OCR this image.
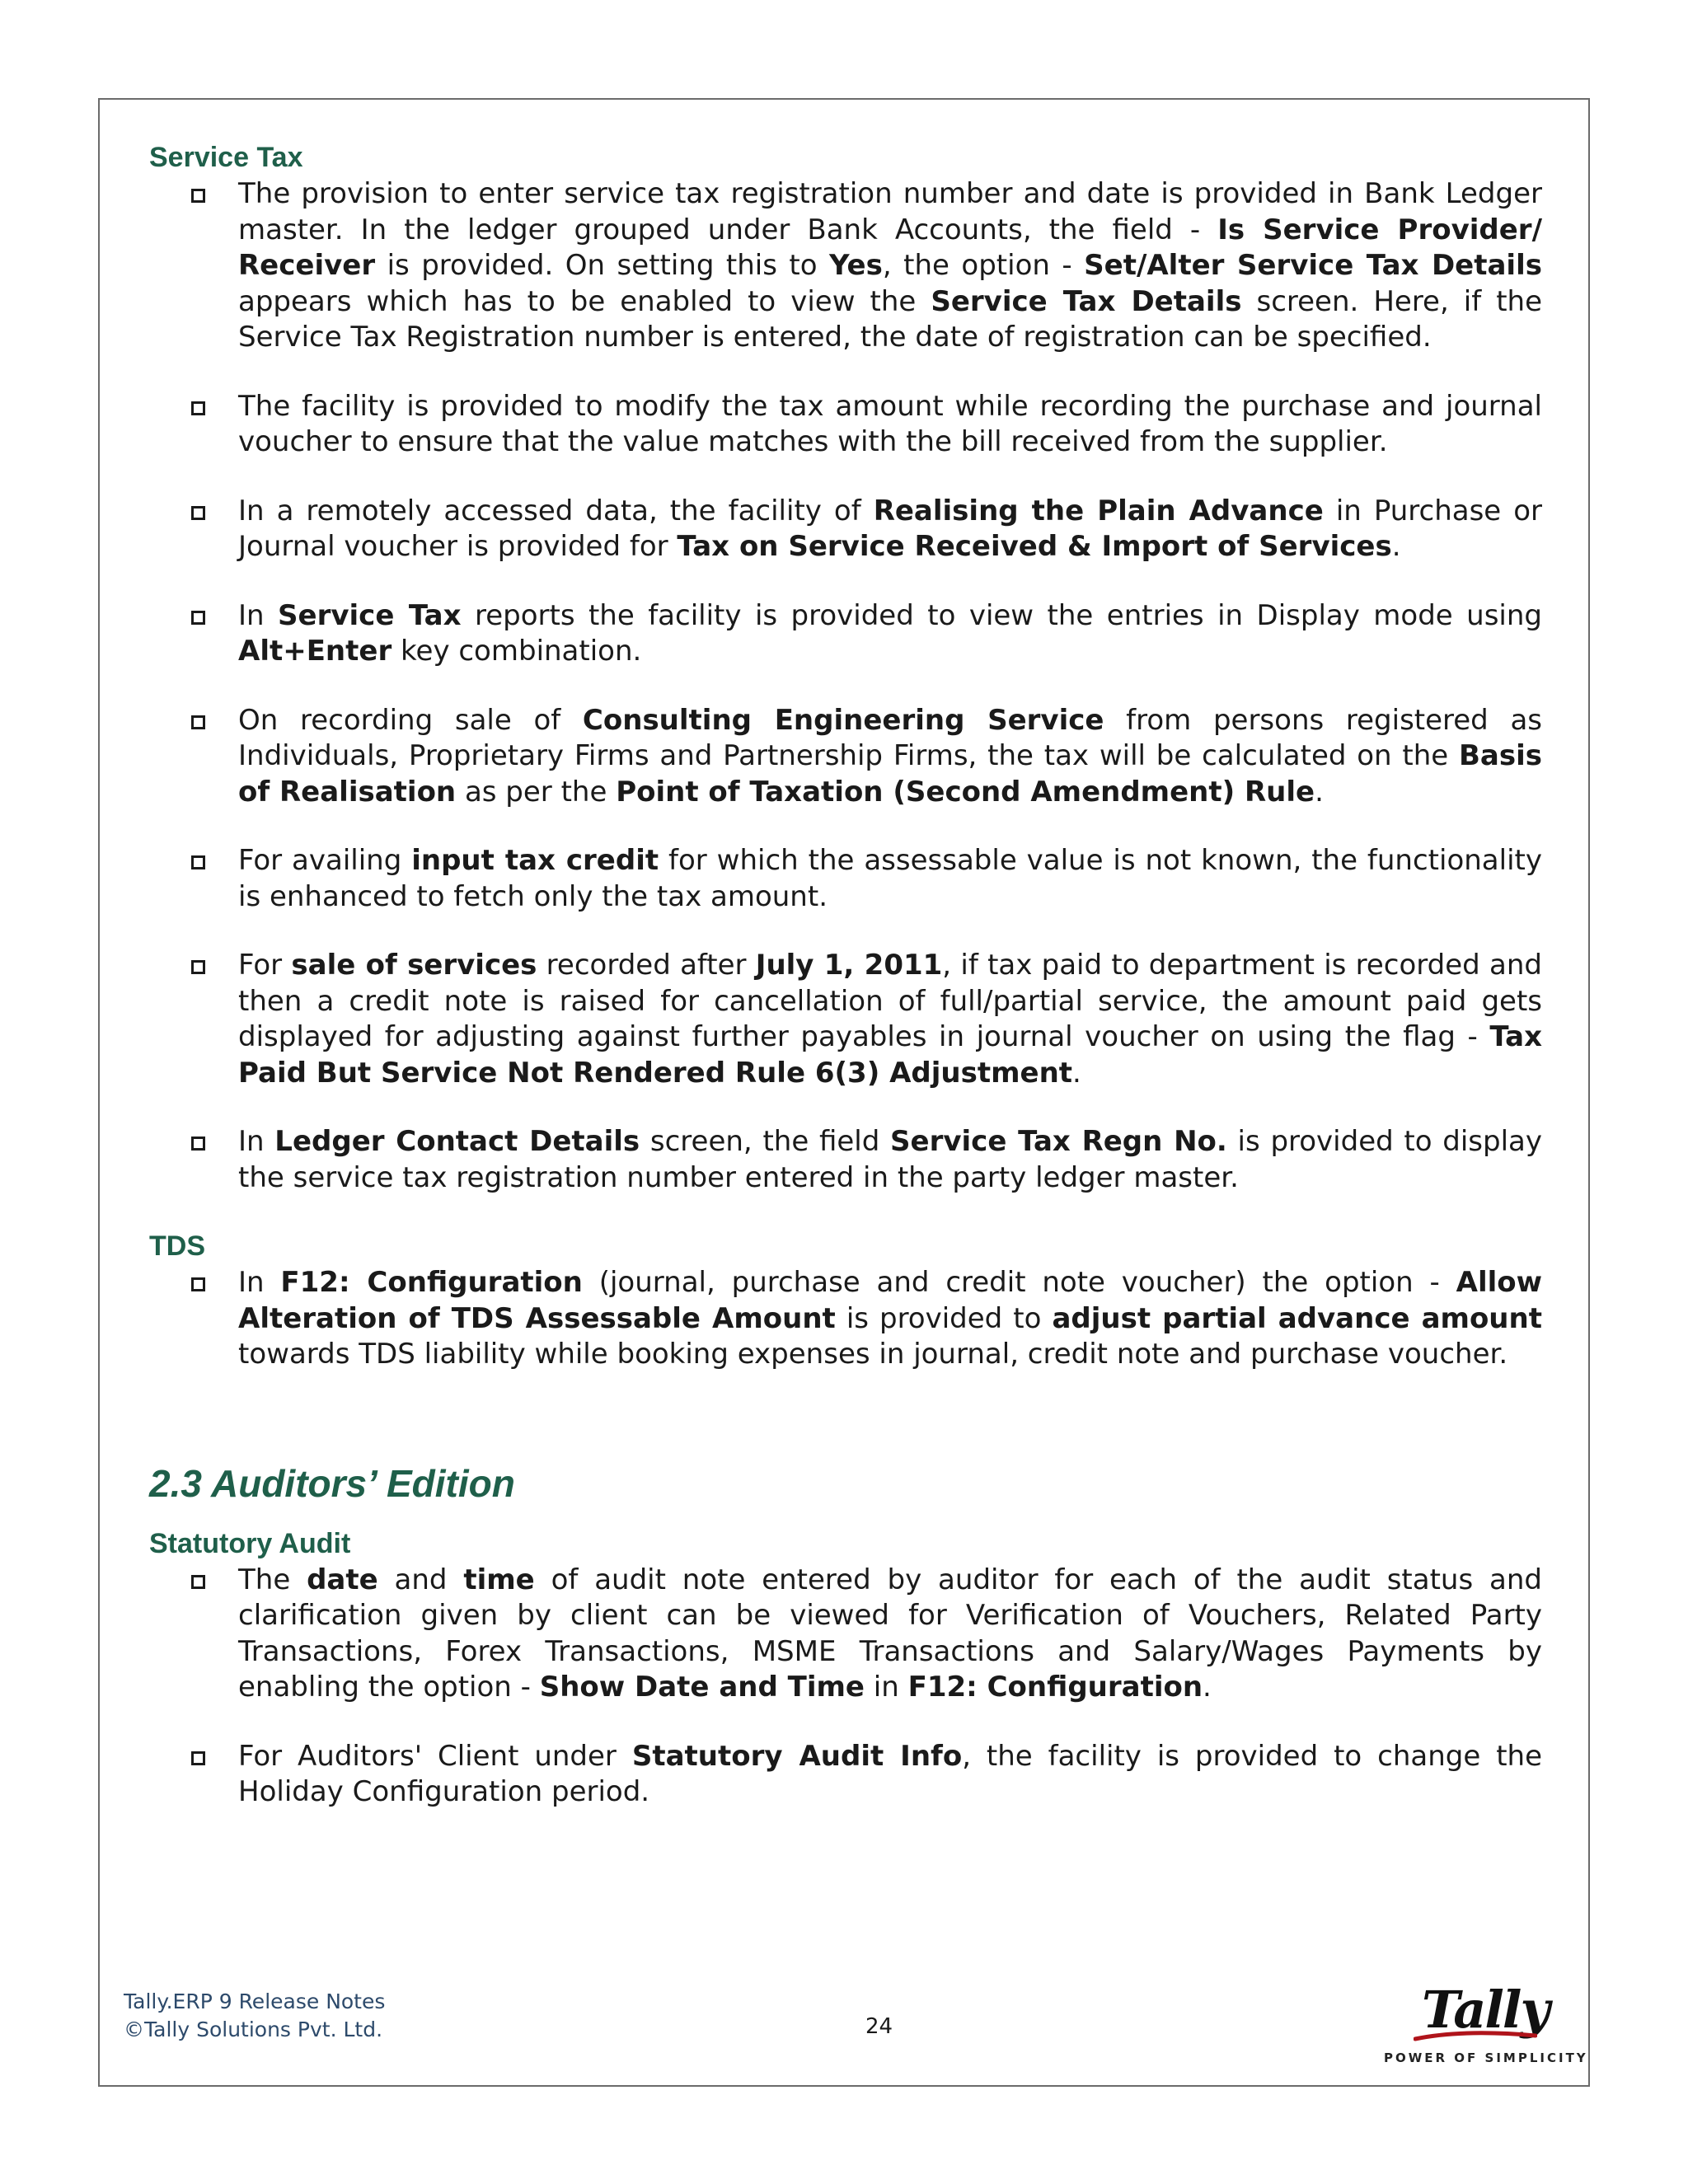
Service Tax
The provision to enter service tax registration number and date is provided in Bank Ledger master. In the ledger grouped under Bank Accounts, the field - Is Service Provider/ Receiver is provided. On setting this to Yes, the option - Set/Alter Service Tax Details appears which has to be enabled to view the Service Tax Details screen. Here, if the Service Tax Registration number is entered, the date of registration can be specified.
The facility is provided to modify the tax amount while recording the purchase and journal voucher to ensure that the value matches with the bill received from the supplier.
In a remotely accessed data, the facility of Realising the Plain Advance in Purchase or Journal voucher is provided for Tax on Service Received & Import of Services.
In Service Tax reports the facility is provided to view the entries in Display mode using Alt+Enter key combination.
On recording sale of Consulting Engineering Service from persons registered as Individuals, Proprietary Firms and Partnership Firms, the tax will be calculated on the Basis of Realisation as per the Point of Taxation (Second Amendment) Rule.
For availing input tax credit for which the assessable value is not known, the functionality is enhanced to fetch only the tax amount.
For sale of services recorded after July 1, 2011, if tax paid to department is recorded and then a credit note is raised for cancellation of full/partial service, the amount paid gets displayed for adjusting against further payables in journal voucher on using the flag - Tax Paid But Service Not Rendered Rule 6(3) Adjustment.
In Ledger Contact Details screen, the field Service Tax Regn No. is provided to display the service tax registration number entered in the party ledger master.
TDS
In F12: Configuration (journal, purchase and credit note voucher) the option - Allow Alteration of TDS Assessable Amount is provided to adjust partial advance amount towards TDS liability while booking expenses in journal, credit note and purchase voucher.
2.3 Auditors’ Edition
Statutory Audit
The date and time of audit note entered by auditor for each of the audit status and clarification given by client can be viewed for Verification of Vouchers, Related Party Transactions, Forex Transactions, MSME Transactions and Salary/Wages Payments by enabling the option - Show Date and Time in F12: Configuration.
For Auditors' Client under Statutory Audit Info, the facility is provided to change the Holiday Configuration period.
Tally.ERP 9 Release Notes
©Tally Solutions Pvt. Ltd.	24	Tally
POWER OF SIMPLICITY
